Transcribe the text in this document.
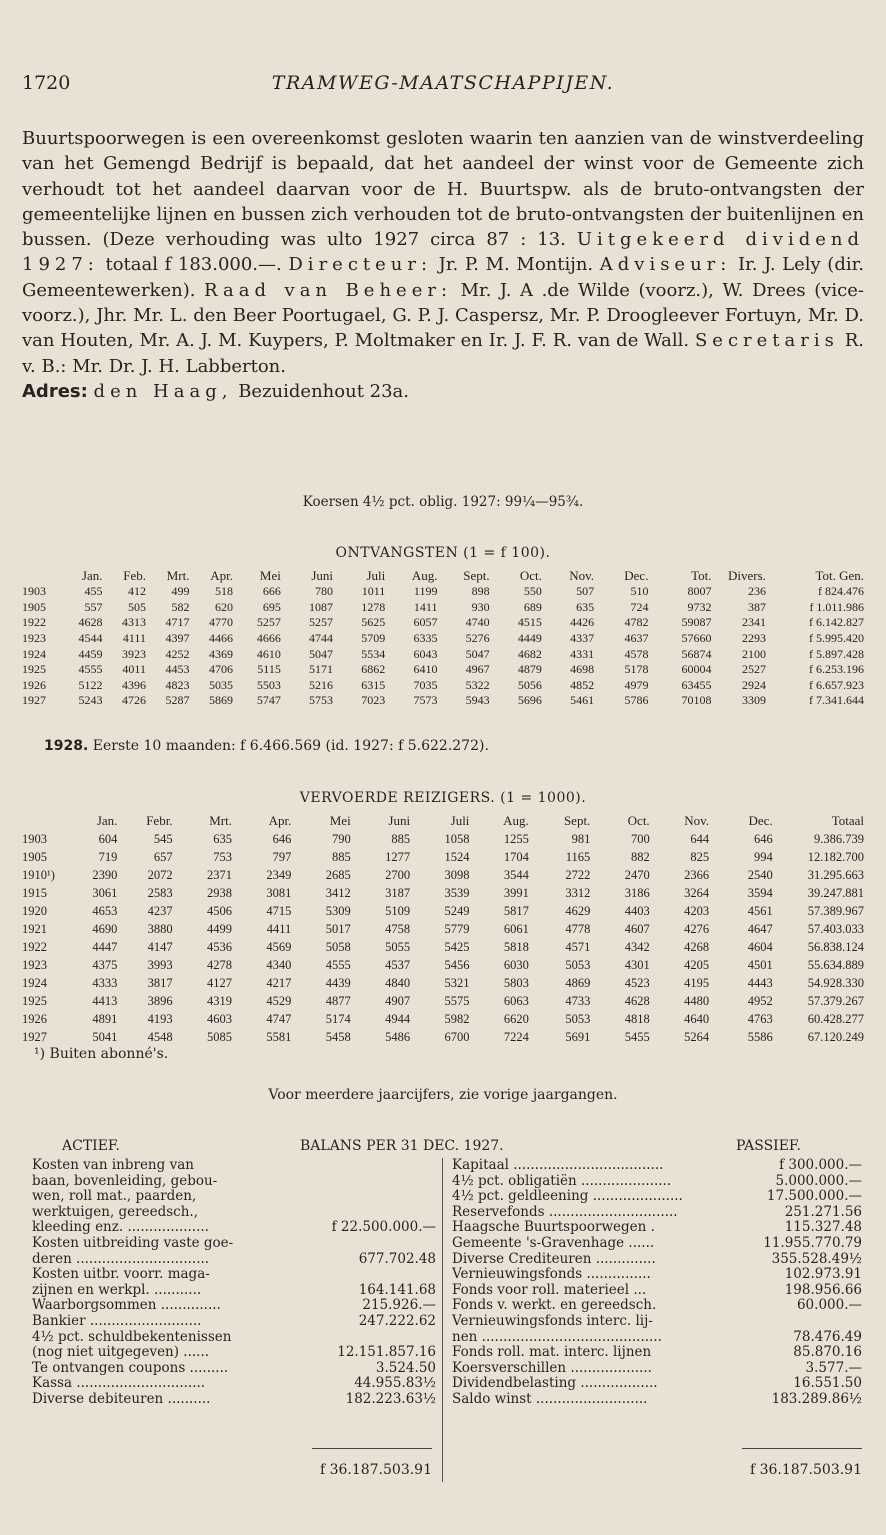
1720	TRAMWEG-MAATSCHAPPIJEN.

Buurtspoorwegen is een overeenkomst gesloten waarin ten aanzien van de winstverdeeling van het Gemengd Bedrijf is bepaald, dat het aandeel der winst voor de Gemeente zich verhoudt tot het aandeel daarvan voor de H. Buurtspw. als de bruto-ontvangsten der gemeentelijke lijnen en bussen zich verhouden tot de bruto-ontvangsten der buitenlijnen en bussen. (Deze verhouding was ulto 1927 circa 87 : 13. Uitgekeerd dividend 1927: totaal f 183.000.—. Directeur: Jr. P. M. Montijn. Adviseur: Ir. J. Lely (dir. Gemeentewerken). Raad van Beheer: Mr. J. A .de Wilde (voorz.), W. Drees (vice-voorz.), Jhr. Mr. L. den Beer Poortugael, G. P. J. Caspersz, Mr. P. Droogleever Fortuyn, Mr. D. van Houten, Mr. A. J. M. Kuypers, P. Moltmaker en Ir. J. F. R. van de Wall. Secretaris R. v. B.: Mr. Dr. J. H. Labberton.
Adres: den Haag, Bezuidenhout 23a.

Koersen 4½ pct. oblig. 1927: 99¼—95¾.
ONTVANGSTEN (1 = f 100).
	Jan.	Feb.	Mrt.	Apr.	Mei	Juni	Juli	Aug.	Sept.	Oct.	Nov.	Dec.	Tot.	Divers.	Tot. Gen.
1903	455	412	499	518	666	780	1011	1199	898	550	507	510	8007	236	f 824.476
1905	557	505	582	620	695	1087	1278	1411	930	689	635	724	9732	387	f 1.011.986
1922	4628	4313	4717	4770	5257	5257	5625	6057	4740	4515	4426	4782	59087	2341	f 6.142.827
1923	4544	4111	4397	4466	4666	4744	5709	6335	5276	4449	4337	4637	57660	2293	f 5.995.420
1924	4459	3923	4252	4369	4610	5047	5534	6043	5047	4682	4331	4578	56874	2100	f 5.897.428
1925	4555	4011	4453	4706	5115	5171	6862	6410	4967	4879	4698	5178	60004	2527	f 6.253.196
1926	5122	4396	4823	5035	5503	5216	6315	7035	5322	5056	4852	4979	63455	2924	f 6.657.923
1927	5243	4726	5287	5869	5747	5753	7023	7573	5943	5696	5461	5786	70108	3309	f 7.341.644
1928. Eerste 10 maanden: f 6.466.569 (id. 1927: f 5.622.272).
VERVOERDE REIZIGERS. (1 = 1000).
	Jan.	Febr.	Mrt.	Apr.	Mei	Juni	Juli	Aug.	Sept.	Oct.	Nov.	Dec.	Totaal
1903	604	545	635	646	790	885	1058	1255	981	700	644	646	9.386.739
1905	719	657	753	797	885	1277	1524	1704	1165	882	825	994	12.182.700
1910¹)	2390	2072	2371	2349	2685	2700	3098	3544	2722	2470	2366	2540	31.295.663
1915	3061	2583	2938	3081	3412	3187	3539	3991	3312	3186	3264	3594	39.247.881
1920	4653	4237	4506	4715	5309	5109	5249	5817	4629	4403	4203	4561	57.389.967
1921	4690	3880	4499	4411	5017	4758	5779	6061	4778	4607	4276	4647	57.403.033
1922	4447	4147	4536	4569	5058	5055	5425	5818	4571	4342	4268	4604	56.838.124
1923	4375	3993	4278	4340	4555	4537	5456	6030	5053	4301	4205	4501	55.634.889
1924	4333	3817	4127	4217	4439	4840	5321	5803	4869	4523	4195	4443	54.928.330
1925	4413	3896	4319	4529	4877	4907	5575	6063	4733	4628	4480	4952	57.379.267
1926	4891	4193	4603	4747	5174	4944	5982	6620	5053	4818	4640	4763	60.428.277
1927	5041	4548	5085	5581	5458	5486	6700	7224	5691	5455	5264	5586	67.120.249
¹) Buiten abonné's.
Voor meerdere jaarcijfers, zie vorige jaargangen.
ACTIEF.	BALANS PER 31 DEC. 1927.	PASSIEF.
Kosten van inbreng van
baan, bovenleiding, gebou-
wen, roll mat., paarden,
werktuigen, gereedsch.,
kleeding enz. ...................	f 22.500.000.—
Kosten uitbreiding vaste goe-
deren ...............................	677.702.48
Kosten uitbr. voorr. maga-
zijnen en werkpl. ...........	164.141.68
Waarborgsommen ..............	215.926.—
Bankier ..........................	247.222.62
4½ pct. schuldbekentenissen
(nog niet uitgegeven) ......	12.151.857.16
Te ontvangen coupons .........	3.524.50
Kassa ..............................	44.955.83½
Diverse debiteuren ..........	182.223.63½
Kapitaal ...................................	f 300.000.—
4½ pct. obligatiën .....................	5.000.000.—
4½ pct. geldleening .....................	17.500.000.—
Reservefonds ..............................	251.271.56
Haagsche Buurtspoorwegen .	115.327.48
Gemeente 's-Gravenhage ......	11.955.770.79
Diverse Crediteuren ..............	355.528.49½
Vernieuwingsfonds ...............	102.973.91
Fonds voor roll. materieel ...	198.956.66
Fonds v. werkt. en gereedsch.	60.000.—
Vernieuwingsfonds interc. lij-
nen ..........................................	78.476.49
Fonds roll. mat. interc. lijnen	85.870.16
Koersverschillen ...................	3.577.—
Dividendbelasting ..................	16.551.50
Saldo winst ..........................	183.289.86½
f 36.187.503.91	f 36.187.503.91
